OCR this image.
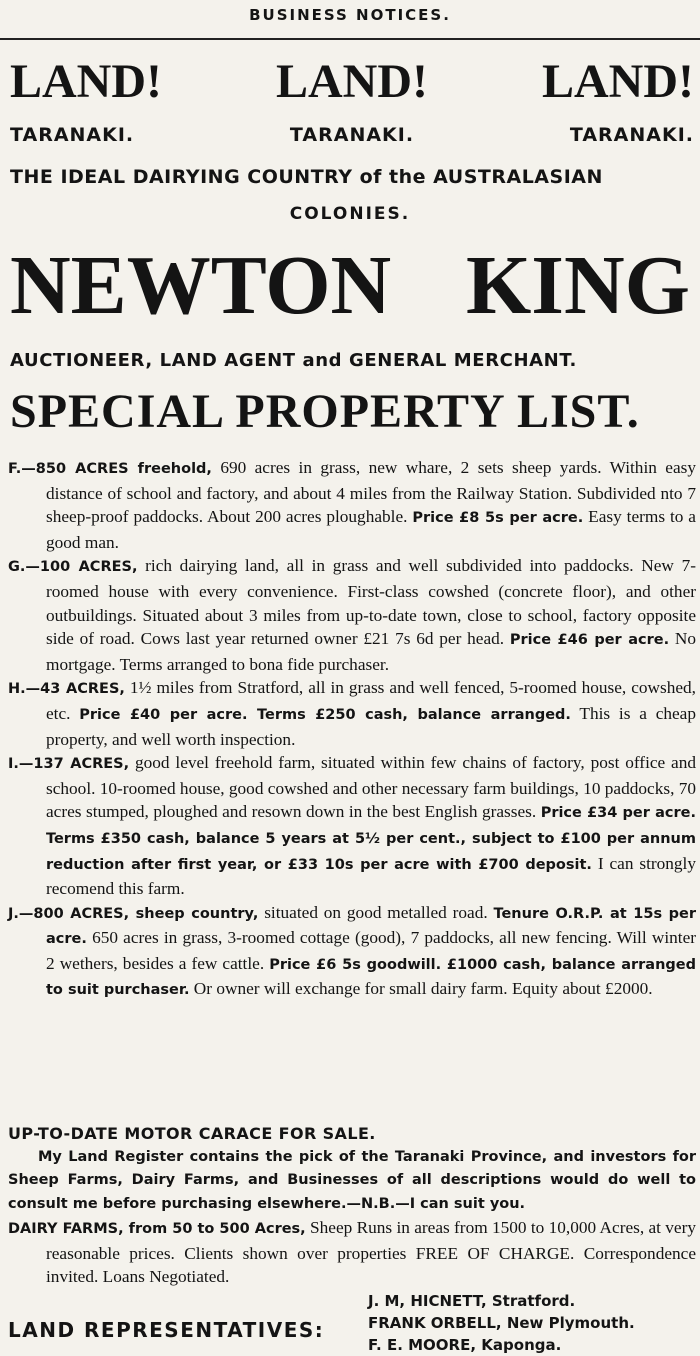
BUSINESS NOTICES.
LAND! LAND! LAND!
TARANAKI.	TARANAKI.	TARANAKI.
THE IDEAL DAIRYING COUNTRY of the AUSTRALASIAN
COLONIES.
NEWTON KING
AUCTIONEER, LAND AGENT and GENERAL MERCHANT.
SPECIAL PROPERTY LIST.
F.—850 ACRES freehold, 690 acres in grass, new whare, 2 sets sheep yards. Within easy distance of school and factory, and about 4 miles from the Railway Station. Subdivided nto 7 sheep-proof paddocks. About 200 acres ploughable. Price £8 5s per acre. Easy terms to a good man.
G.—100 ACRES, rich dairying land, all in grass and well subdivided into paddocks. New 7-roomed house with every convenience. First-class cowshed (concrete floor), and other outbuildings. Situated about 3 miles from up-to-date town, close to school, factory opposite side of road. Cows last year returned owner £21 7s 6d per head. Price £46 per acre. No mortgage. Terms arranged to bona fide purchaser.
H.—43 ACRES, 1½ miles from Stratford, all in grass and well fenced, 5-roomed house, cowshed, etc. Price £40 per acre. Terms £250 cash, balance arranged. This is a cheap property, and well worth inspection.
I.—137 ACRES, good level freehold farm, situated within few chains of factory, post office and school. 10-roomed house, good cowshed and other necessary farm buildings, 10 paddocks, 70 acres stumped, ploughed and resown down in the best English grasses. Price £34 per acre. Terms £350 cash, balance 5 years at 5½ per cent., subject to £100 per annum reduction after first year, or £33 10s per acre with £700 deposit. I can strongly recomend this farm.
J.—800 ACRES, sheep country, situated on good metalled road. Tenure O.R.P. at 15s per acre. 650 acres in grass, 3-roomed cottage (good), 7 paddocks, all new fencing. Will winter 2 wethers, besides a few cattle. Price £6 5s goodwill. £1000 cash, balance arranged to suit purchaser. Or owner will exchange for small dairy farm. Equity about £2000.
UP-TO-DATE MOTOR CARACE FOR SALE.
My Land Register contains the pick of the Taranaki Province, and investors for Sheep Farms, Dairy Farms, and Businesses of all descriptions would do well to consult me before purchasing elsewhere.—N.B.—I can suit you.
DAIRY FARMS, from 50 to 500 Acres, Sheep Runs in areas from 1500 to 10,000 Acres, at very reasonable prices. Clients shown over properties FREE OF CHARGE. Correspondence invited. Loans Negotiated.
LAND REPRESENTATIVES:
J. M, HICNETT, Stratford.
FRANK ORBELL, New Plymouth.
F. E. MOORE, Kaponga.
